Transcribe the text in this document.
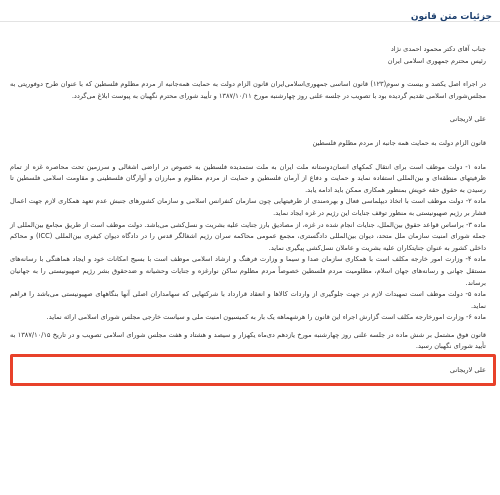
جزئیات متن قانون

جناب آقای دکتر محمود احمدی نژاد

رئیس محترم جمهوری اسلامی ایران

در اجراء اصل یکصد و بیست و سوم(۱۲۳) قانون اساسی جمهوری‌اسلامی‌ایران قانون الزام دولت به حمایت همه‌جانبه از مردم مظلوم فلسطین که با عنوان طرح دوفوریتی به مجلس‌شورای اسلامی تقدیم گردیده بود با تصویب در جلسه علنی روز چهارشنبه مورخ ۱۳۸۷/۱۰/۱۱ و تأیید شورای محترم نگهبان به پیوست ابلاغ می‌گردد.

علی لاریجانی

قانون الزام دولت به حمایت همه جانبه از مردم مظلوم فلسطین

ماده ۱- دولت موظف است برای انتقال کمکهای انسان‌دوستانه ملت ایران به ملت ستمدیده فلسطین به خصوص در اراضی اشغالی و سرزمین تحت محاصره غزه از تمام ظرفیتهای منطقه‌ای و بین‌المللی استفاده نماید و حمایت و دفاع از آرمان فلسطین و حمایت از مردم مظلوم و مبارزان و آوارگان فلسطینی و مقاومت اسلامی فلسطین تا رسیدن به حقوق حقه خویش بمنظور همکاری ممکن باید ادامه یابد.

ماده ۲- دولت موظف است با اتخاذ دیپلماسی فعال و بهره‌مندی از ظرفیتهایی چون سازمان کنفرانس اسلامی و سازمان کشورهای جنبش عدم تعهد همکاری لازم جهت اعمال فشار بر رژیم صهیونیستی به منظور توقف جنایات این رژیم در غزه ایجاد نماید.

ماده ۳- براساس قواعد حقوق بین‌الملل، جنایات انجام شده در غزه، از مصادیق بارز جنایت علیه بشریت و نسل‌کشی می‌باشد. دولت موظف است از طریق مجامع بین‌المللی از جمله شورای امنیت سازمان ملل متحد، دیوان بین‌المللی دادگستری، مجمع عمومی محاکمه سران رژیم اشغالگر قدس را در دادگاه دیوان کیفری بین‌المللی (ICC) و محاکم داخلی کشور به عنوان جنایتکاران علیه بشریت و عاملان نسل‌کشی پیگیری نماید.

ماده ۴- وزارت امور خارجه مکلف است با همکاری سازمان صدا و سیما و وزارت فرهنگ و ارشاد اسلامی موظف است با بسیج امکانات خود و ایجاد هماهنگی با رسانه‌های مستقل جهانی و رسانه‌های جهان اسلام، مظلومیت مردم فلسطین خصوصاً مردم مظلوم ساکن نوارغزه و جنایات وحشیانه و ضدحقوق بشر رژیم صهیونیستی را به جهانیان برساند.

ماده ۵- دولت موظف است تمهیدات لازم در جهت جلوگیری از واردات کالاها و انعقاد قرارداد با شرکتهایی که سهامداران اصلی آنها بنگاههای صهیونیستی می‌باشد را فراهم نماید.

ماده ۶- وزارت امورخارجه مکلف است گزارش اجراء این قانون را هرشهماهه یک بار به کمیسیون امنیت ملی و سیاست خارجی مجلس شورای اسلامی ارائه نماید.

قانون فوق مشتمل بر شش ماده در جلسه علنی روز چهارشنبه مورخ یازدهم دی‌ماه یکهزار و سیصد و هشتاد و هفت مجلس شورای اسلامی تصویب و در تاریخ ۱۳۸۷/۱۰/۱۵ به تأیید شورای نگهبان رسید.

علی لاریجانی
